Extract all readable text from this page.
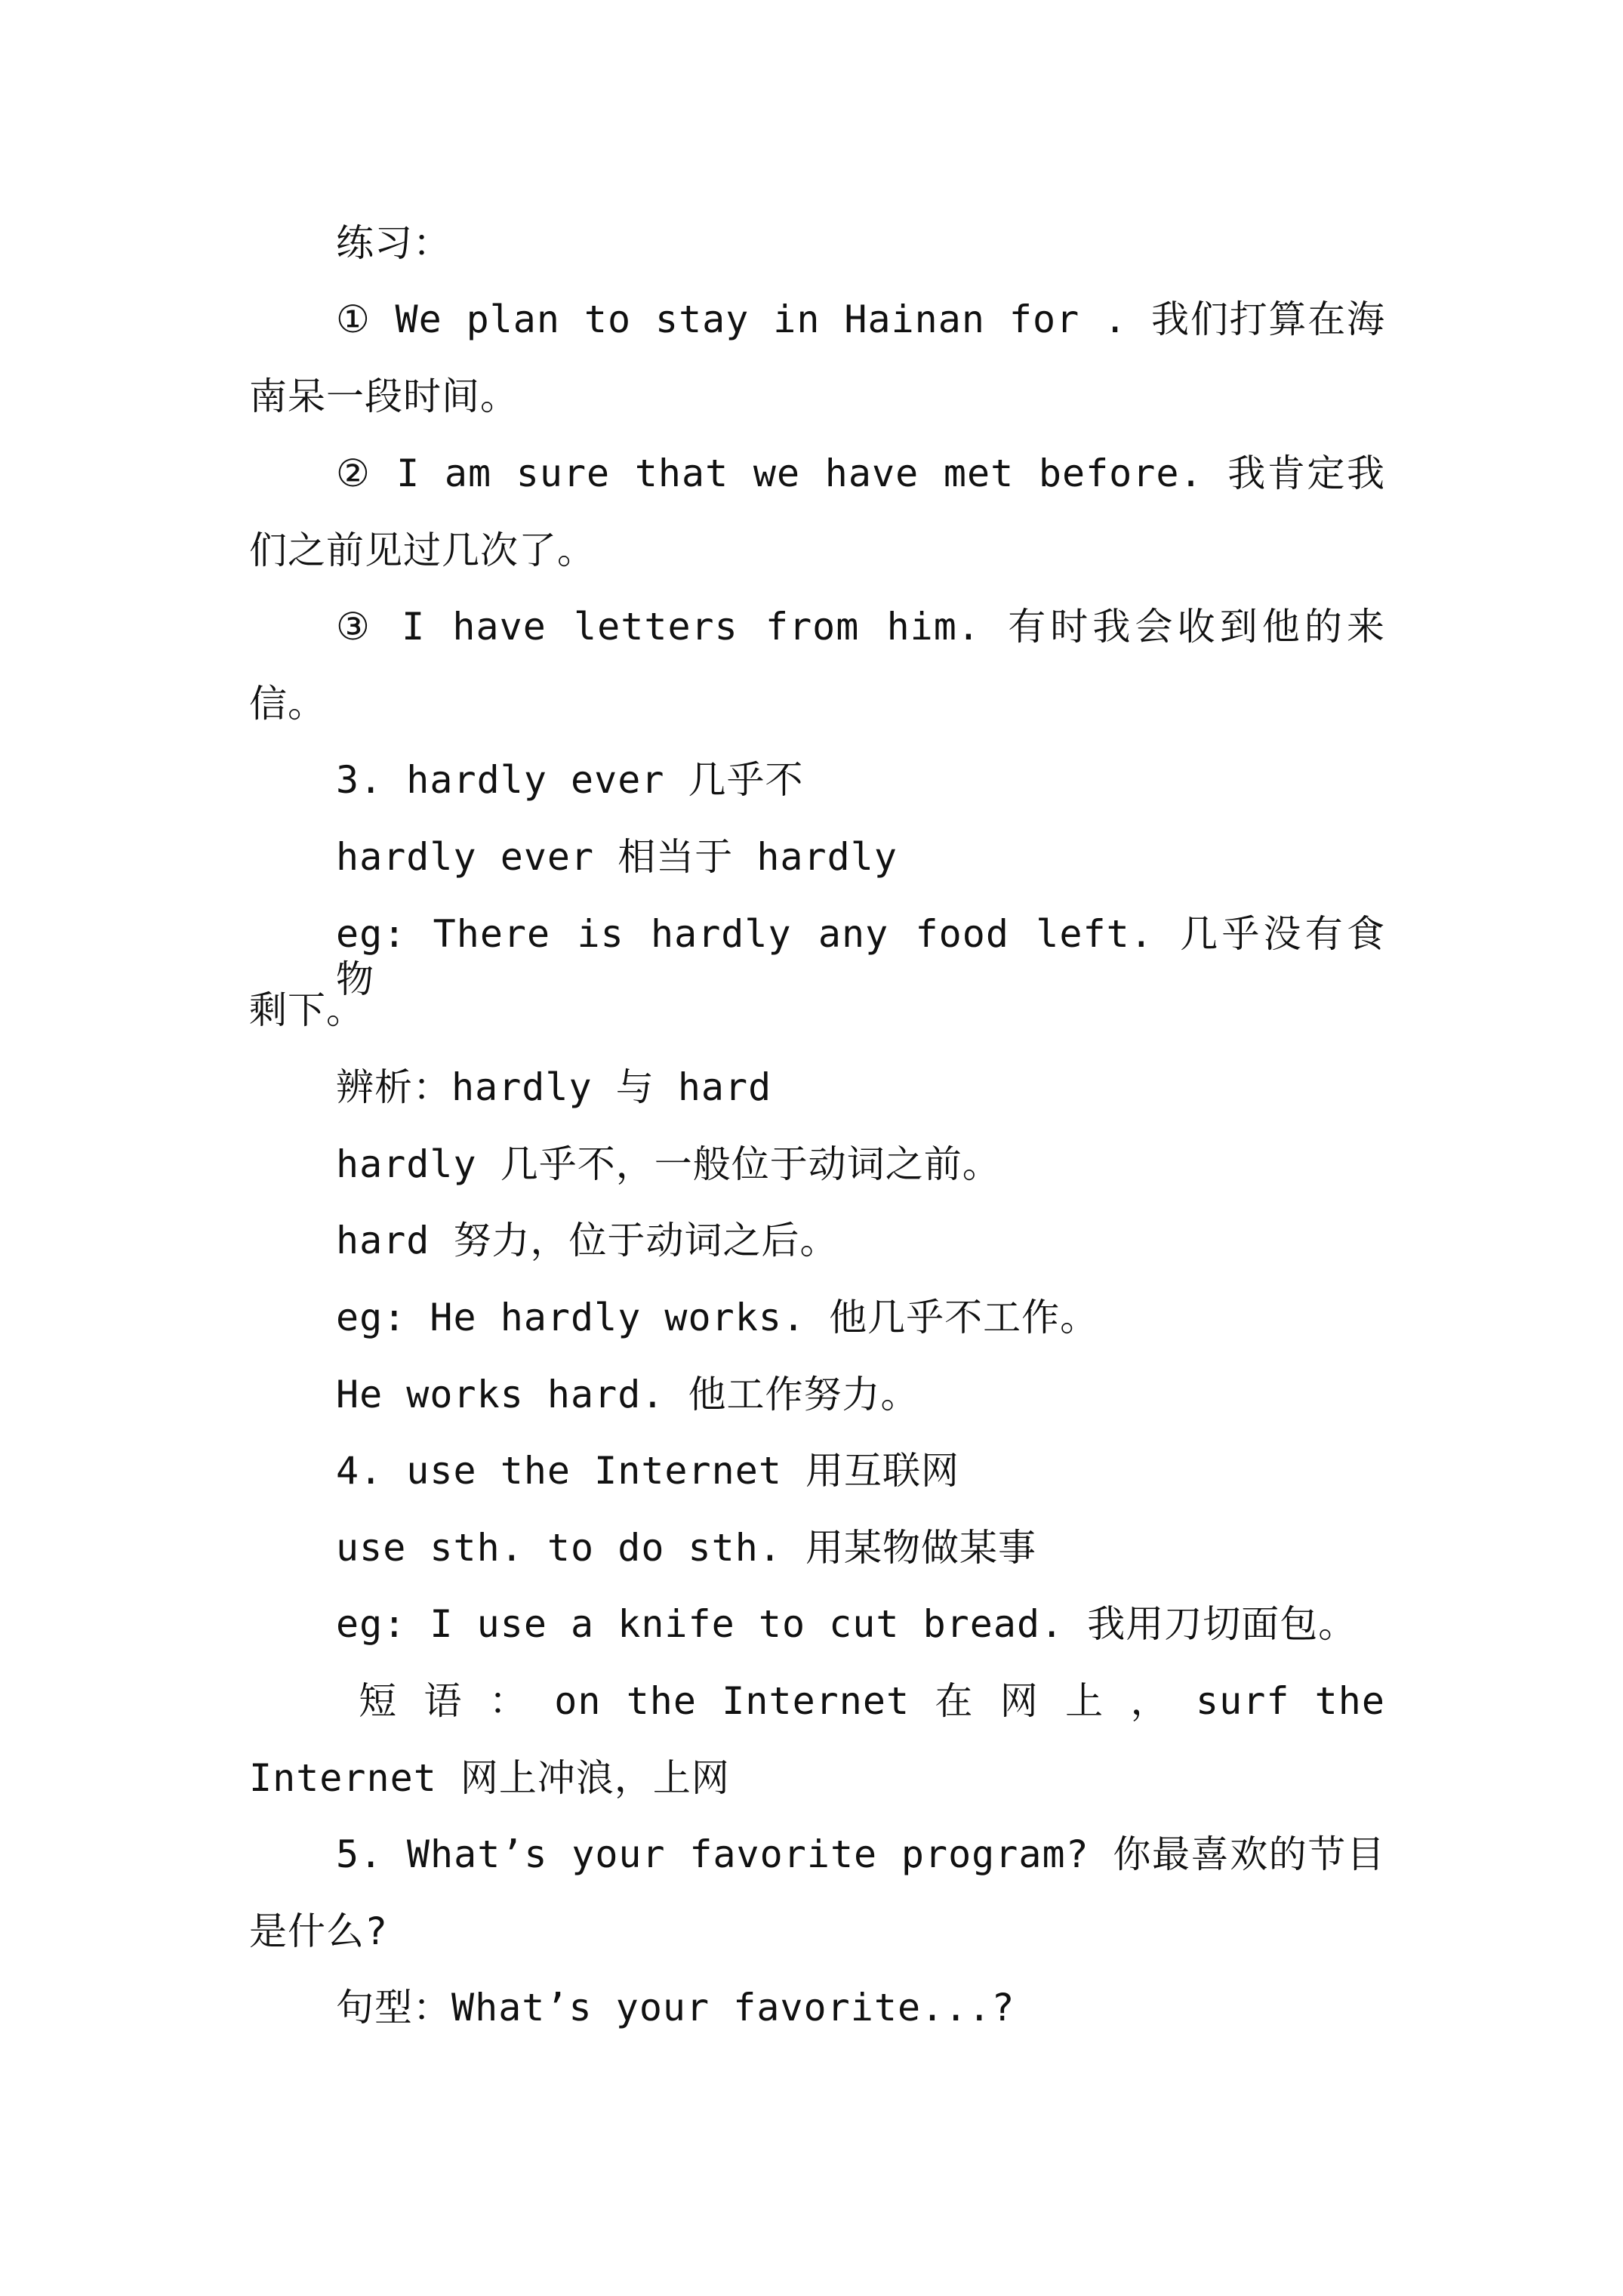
练习：
① We plan to stay in Hainan for . 我们打算在海
南呆一段时间。
② I am sure that we have met before. 我肯定我
们之前见过几次了。
③ I have letters from him. 有时我会收到他的来
信。
3. hardly ever 几乎不
hardly ever 相当于 hardly
eg: There is hardly any food left. 几乎没有食物
剩下。
辨析：hardly 与 hard
hardly 几乎不，一般位于动词之前。
hard 努力，位于动词之后。
eg: He hardly works. 他几乎不工作。
He works hard. 他工作努力。
4. use the Internet 用互联网
use sth. to do sth. 用某物做某事
eg: I use a knife to cut bread. 我用刀切面包。
短 语 ： on the Internet 在 网 上 ， surf the
Internet 网上冲浪，上网
5. What’s your favorite program? 你最喜欢的节目
是什么?
句型：What’s your favorite...?
